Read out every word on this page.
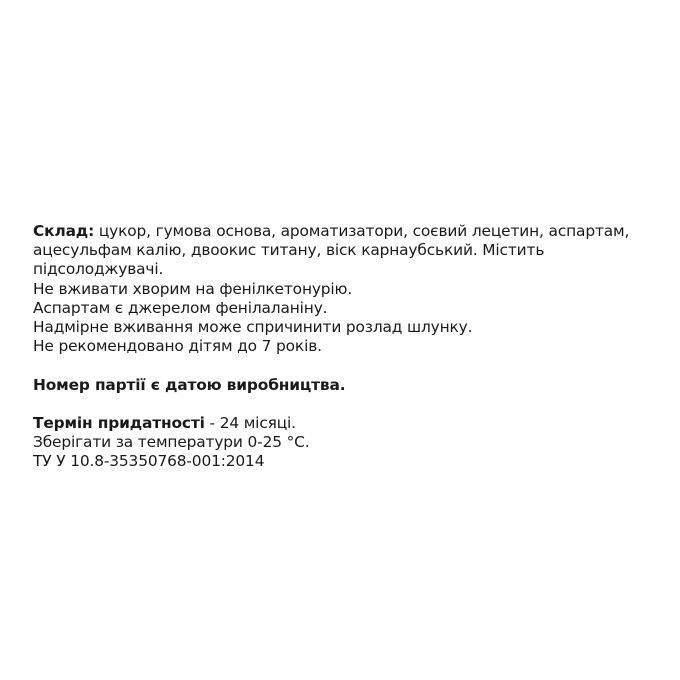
Склад: цукор, гумова основа, ароматизатори, соєвий лецетин, аспартам, ацесульфам калію, двоокис титану, віск карнаубський. Містить підсолоджувачі.

Не вживати хворим на фенілкетонурію.

Аспартам є джерелом фенілаланіну.

Надмірне вживання може спричинити розлад шлунку.

Не рекомендовано дітям до 7 років.

Номер партії є датою виробництва.

Термін придатності - 24 місяці.

Зберігати за температури 0-25 °С.

ТУ У 10.8-35350768-001:2014
